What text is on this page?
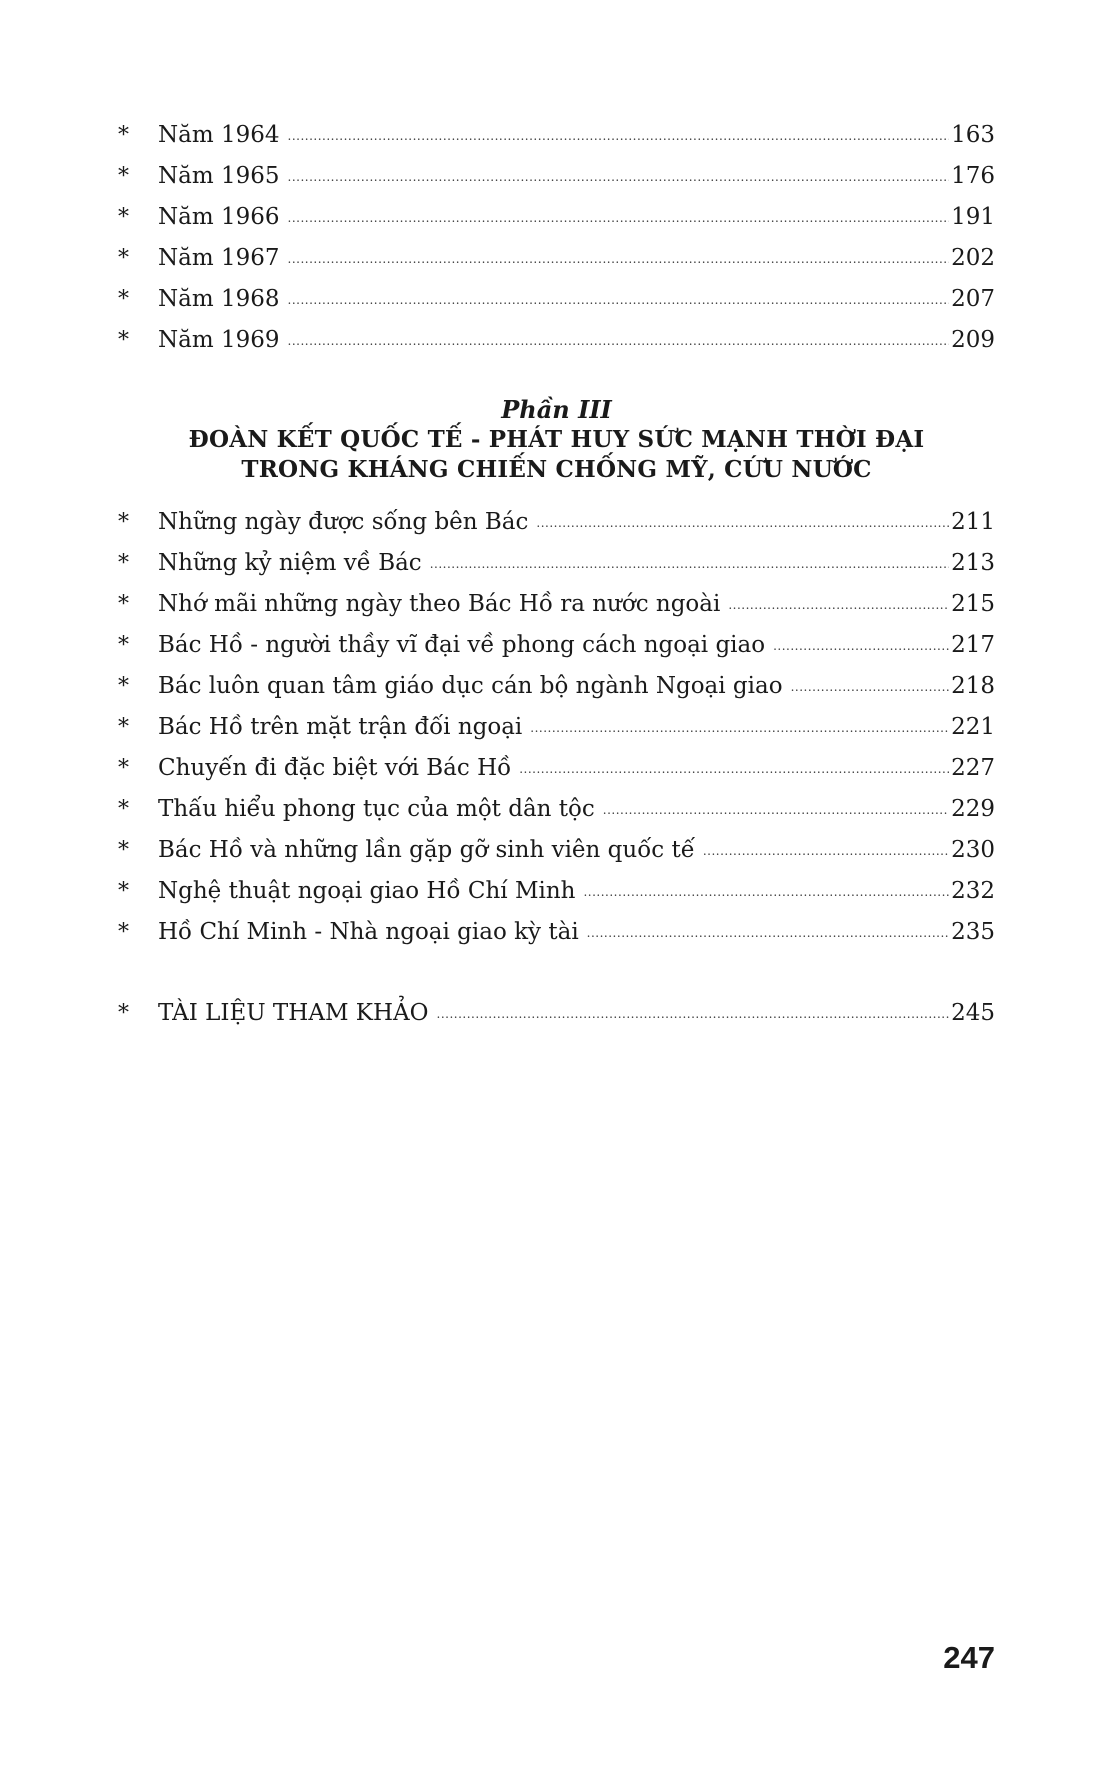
*	Năm 1964 .....	163
*	Năm 1965 .....	176
*	Năm 1966 .....	191
*	Năm 1967 .....	202
*	Năm 1968 .....	207
*	Năm 1969 .....	209

Phần III

ĐOÀN KẾT QUỐC TẾ - PHÁT HUY SỨC MẠNH THỜI ĐẠI

TRONG KHÁNG CHIẾN CHỐNG MỸ, CỨU NƯỚC

*	Những ngày được sống bên Bác .....	211
*	Những kỷ niệm về Bác .....	213
*	Nhớ mãi những ngày theo Bác Hồ ra nước ngoài .....	215
*	Bác Hồ - người thầy vĩ đại về phong cách ngoại giao .....	217
*	Bác luôn quan tâm giáo dục cán bộ ngành Ngoại giao .....	218
*	Bác Hồ trên mặt trận đối ngoại .....	221
*	Chuyến đi đặc biệt với Bác Hồ .....	227
*	Thấu hiểu phong tục của một dân tộc .....	229
*	Bác Hồ và những lần gặp gỡ sinh viên quốc tế .....	230
*	Nghệ thuật ngoại giao Hồ Chí Minh .....	232
*	Hồ Chí Minh - Nhà ngoại giao kỳ tài .....	235
*	TÀI LIỆU THAM KHẢO .....	245
247
